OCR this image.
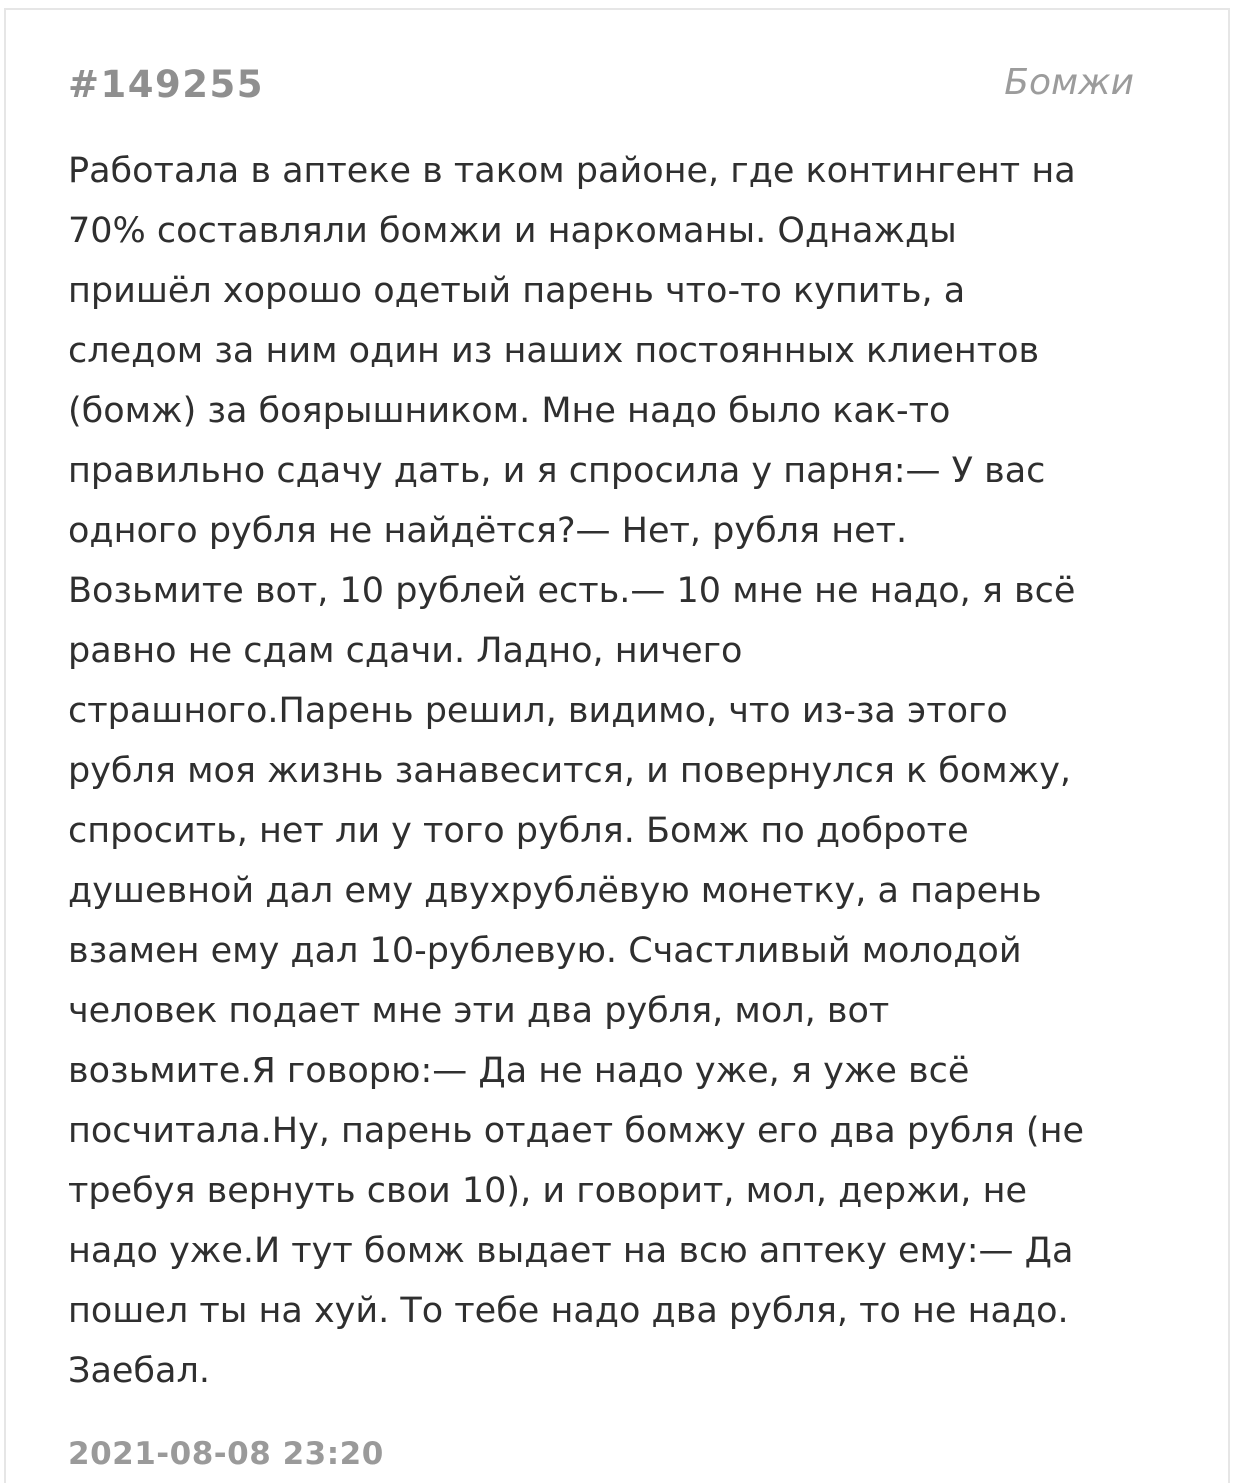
#149255	Бомжи
Работала в аптеке в таком районе, где контингент на
70% составляли бомжи и наркоманы. Однажды
пришёл хорошо одетый парень что-то купить, а
следом за ним один из наших постоянных клиентов
(бомж) за боярышником. Мне надо было как-то
правильно сдачу дать, и я спросила у парня:— У вас
одного рубля не найдётся?— Нет, рубля нет.
Возьмите вот, 10 рублей есть.— 10 мне не надо, я всё
равно не сдам сдачи. Ладно, ничего
страшного.Парень решил, видимо, что из-за этого
рубля моя жизнь занавесится, и повернулся к бомжу,
спросить, нет ли у того рубля. Бомж по доброте
душевной дал ему двухрублёвую монетку, а парень
взамен ему дал 10-рублевую. Счастливый молодой
человек подает мне эти два рубля, мол, вот
возьмите.Я говорю:— Да не надо уже, я уже всё
посчитала.Ну, парень отдает бомжу его два рубля (не
требуя вернуть свои 10), и говорит, мол, держи, не
надо уже.И тут бомж выдает на всю аптеку ему:— Да
пошел ты на хуй. То тебе надо два рубля, то не надо.
Заебал.
2021-08-08 23:20
